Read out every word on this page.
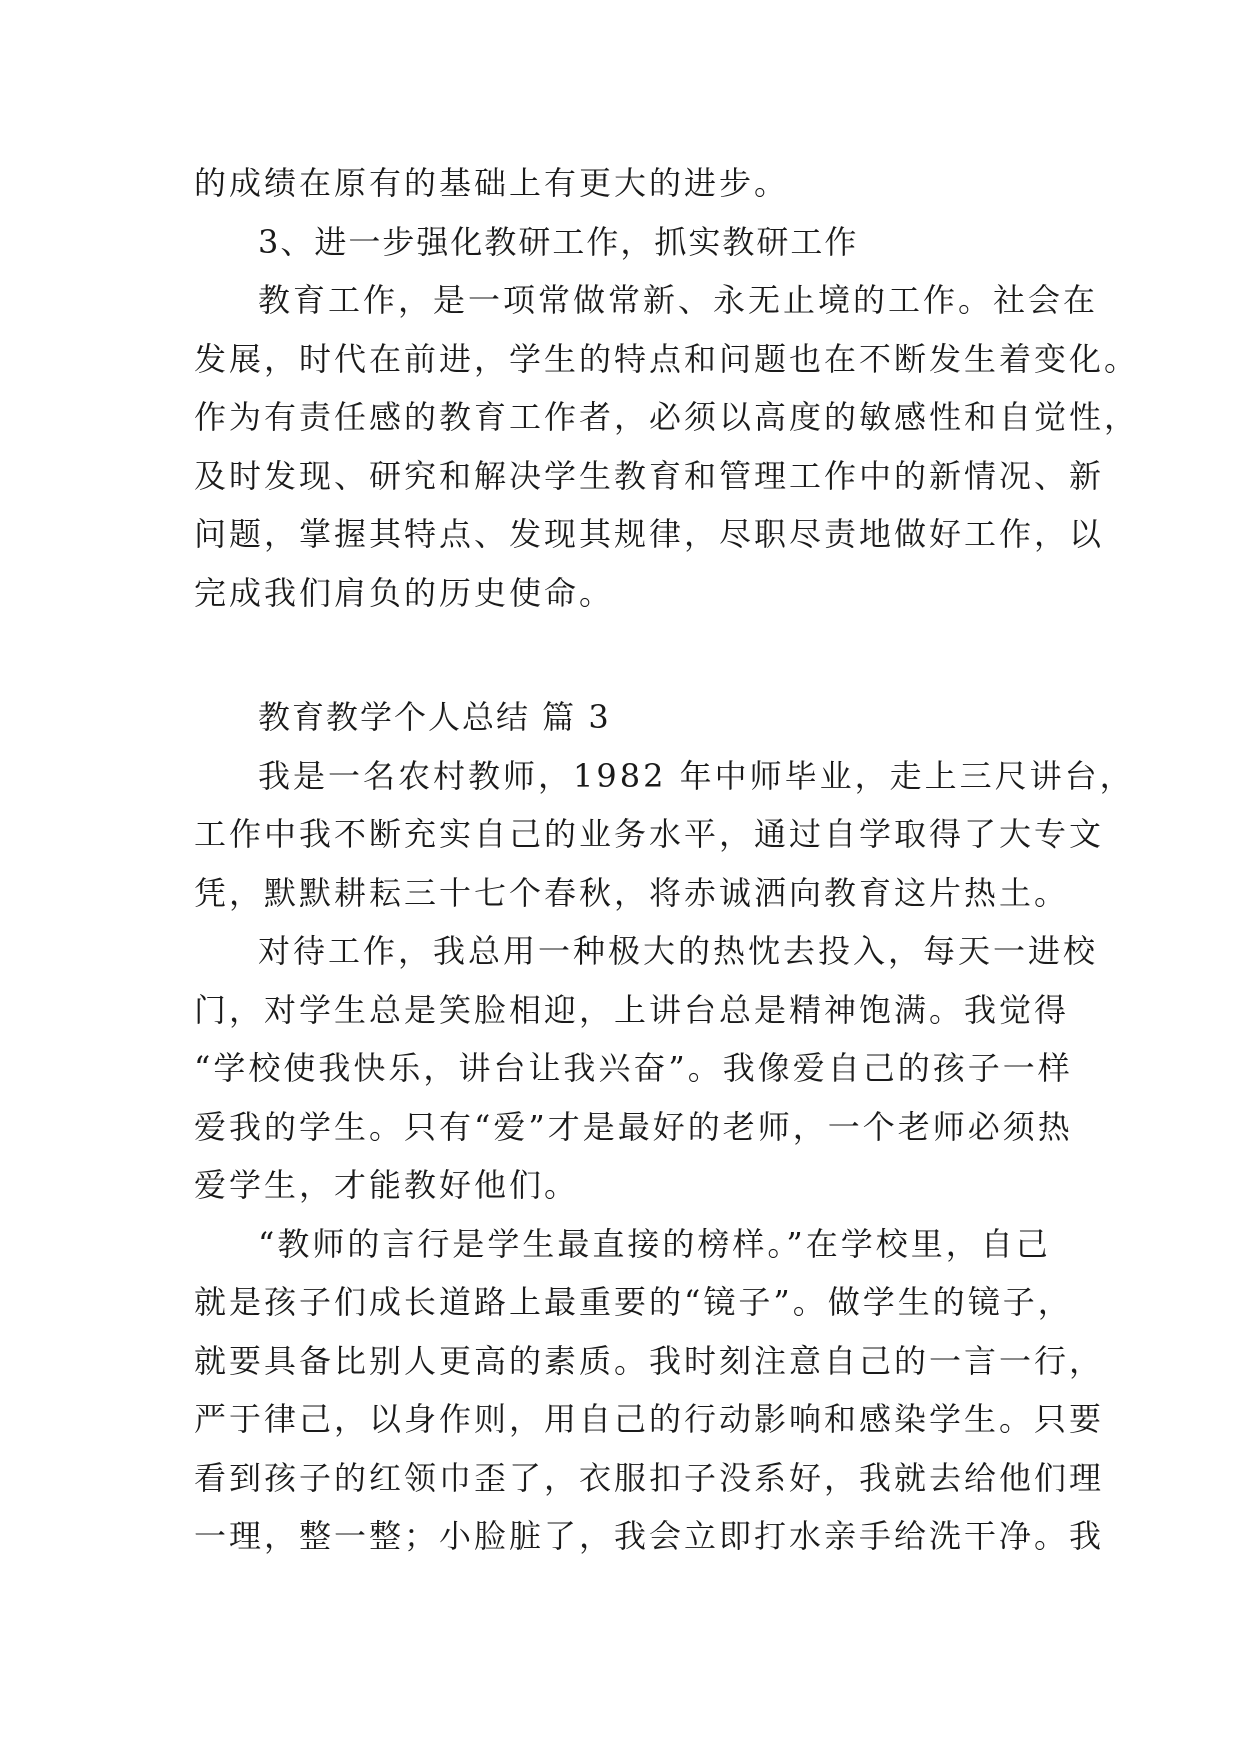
的成绩在原有的基础上有更大的进步。
3、进一步强化教研工作，抓实教研工作
教育工作，是一项常做常新、永无止境的工作。社会在
发展，时代在前进，学生的特点和问题也在不断发生着变化。
作为有责任感的教育工作者，必须以高度的敏感性和自觉性，
及时发现、研究和解决学生教育和管理工作中的新情况、新
问题，掌握其特点、发现其规律，尽职尽责地做好工作，以
完成我们肩负的历史使命。
教育教学个人总结 篇 3
我是一名农村教师，1982 年中师毕业，走上三尺讲台，
工作中我不断充实自己的业务水平，通过自学取得了大专文
凭，默默耕耘三十七个春秋，将赤诚洒向教育这片热土。
对待工作，我总用一种极大的热忱去投入，每天一进校
门，对学生总是笑脸相迎，上讲台总是精神饱满。我觉得
“学校使我快乐，讲台让我兴奋”。我像爱自己的孩子一样
爱我的学生。只有“爱”才是最好的老师，一个老师必须热
爱学生，才能教好他们。
“教师的言行是学生最直接的榜样。”在学校里，自己
就是孩子们成长道路上最重要的“镜子”。做学生的镜子，
就要具备比别人更高的素质。我时刻注意自己的一言一行，
严于律己，以身作则，用自己的行动影响和感染学生。只要
看到孩子的红领巾歪了，衣服扣子没系好，我就去给他们理
一理，整一整；小脸脏了，我会立即打水亲手给洗干净。我
